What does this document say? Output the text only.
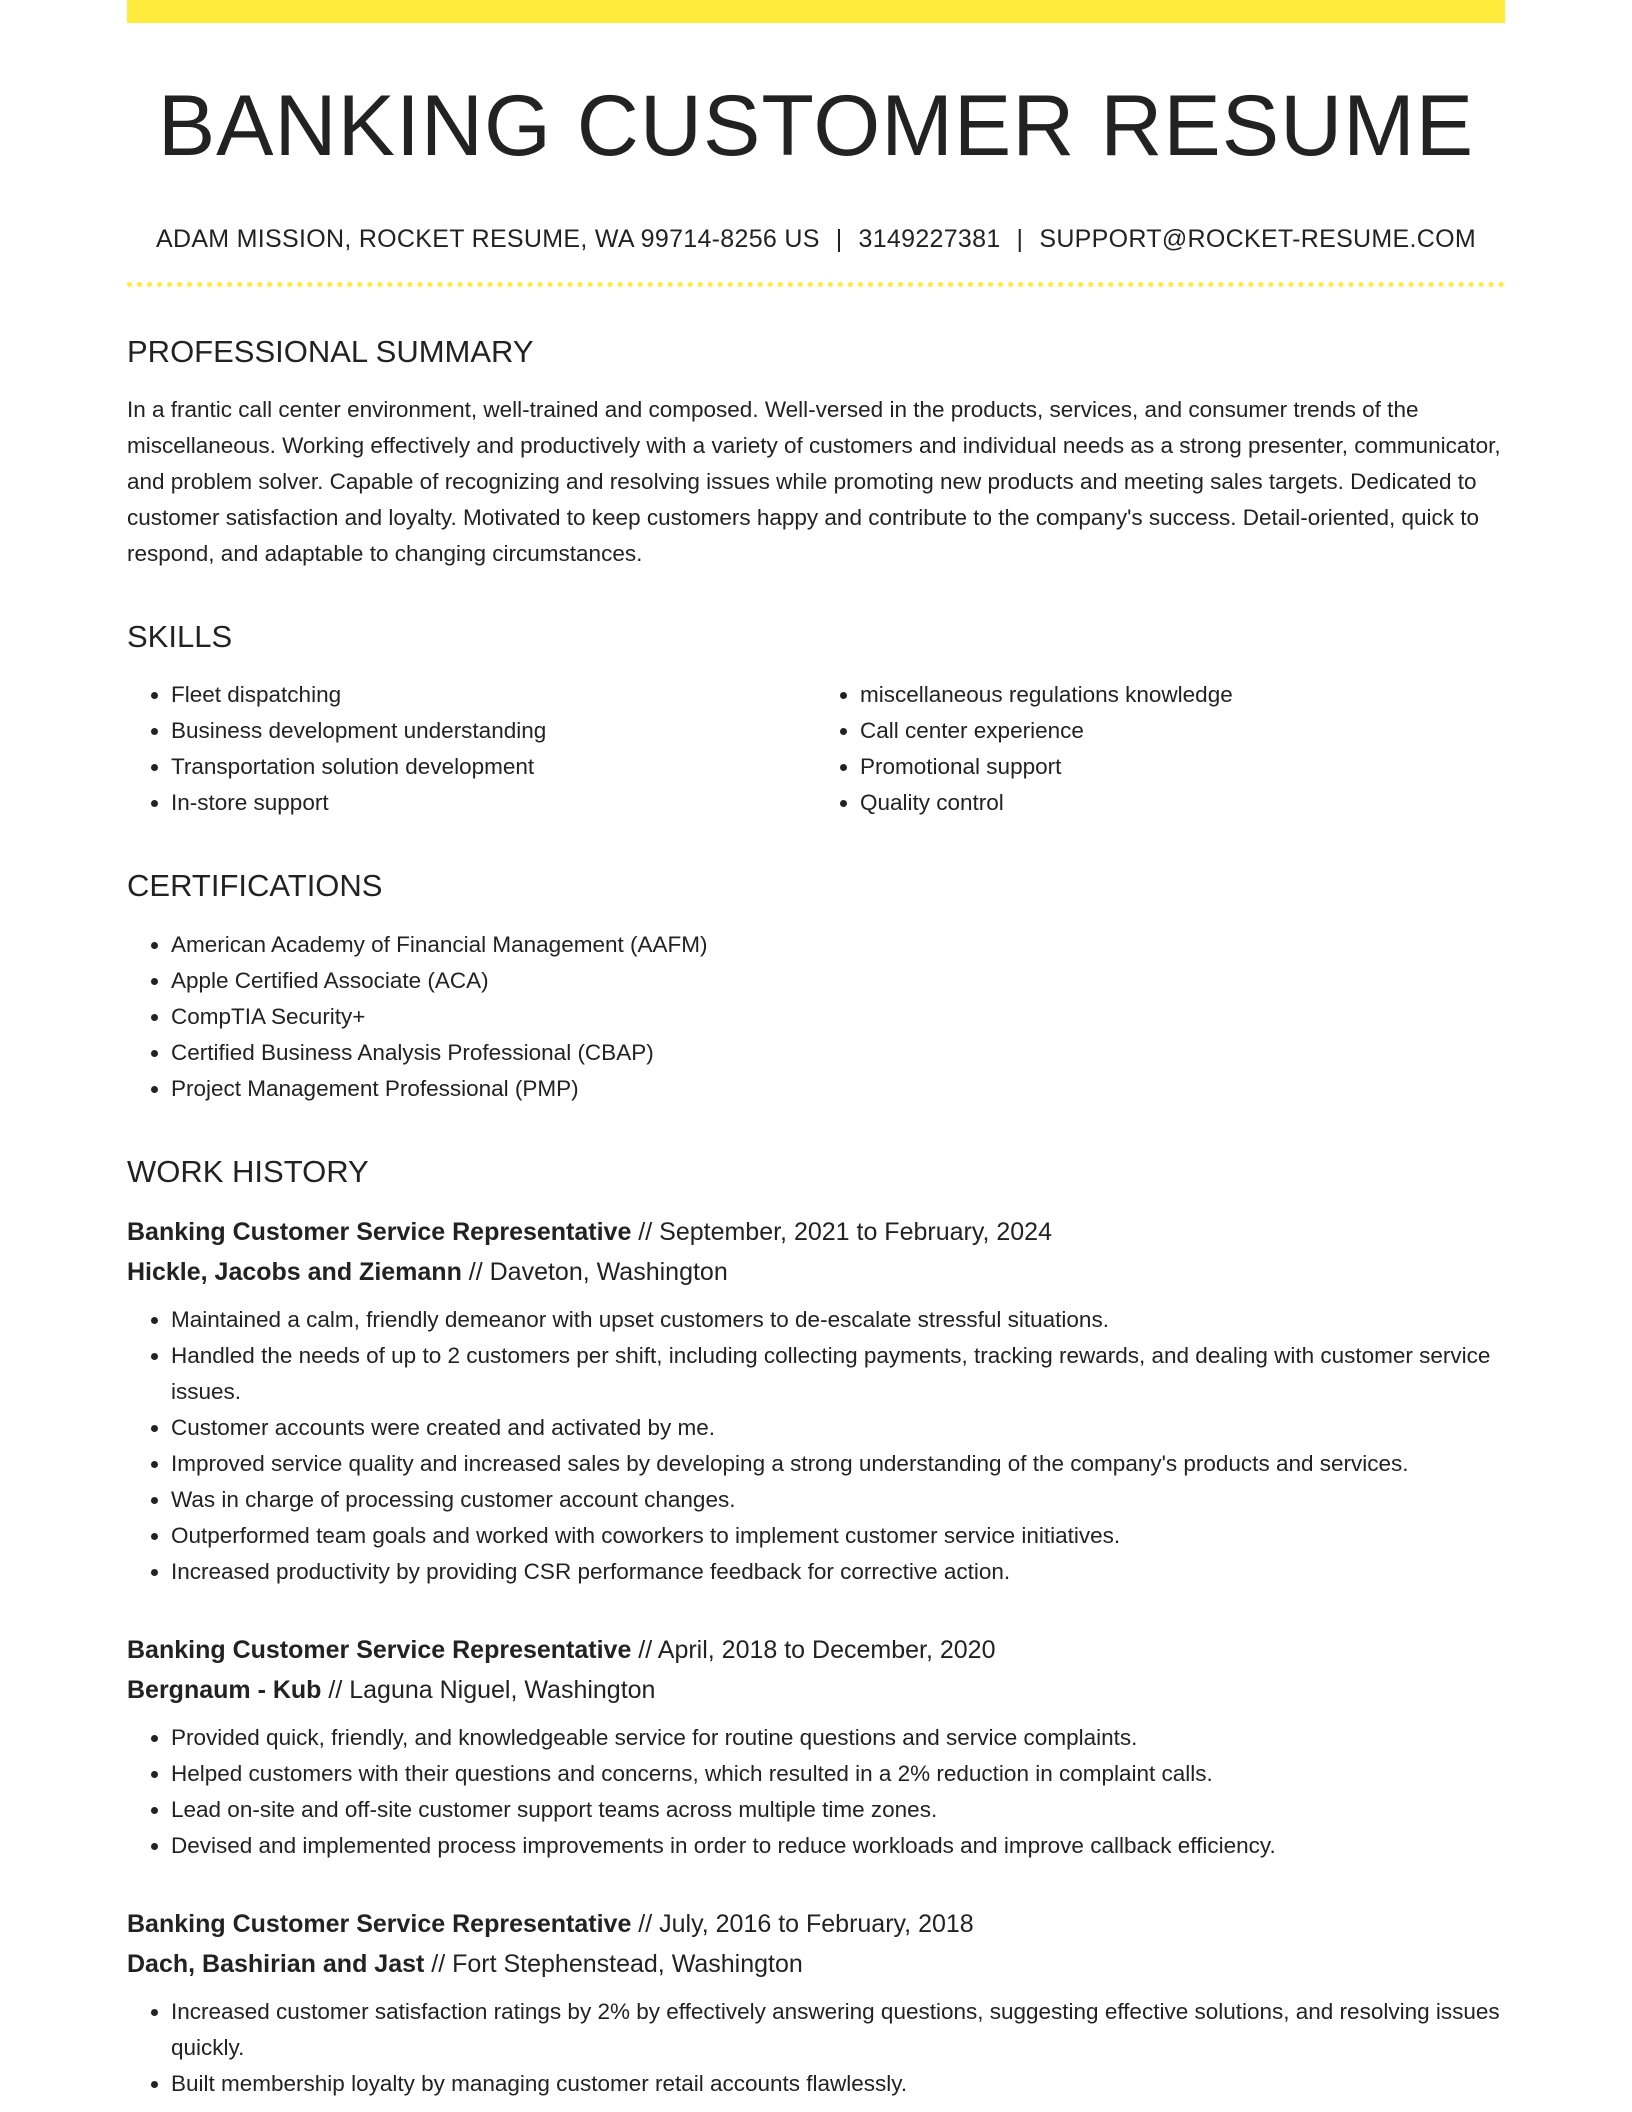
BANKING CUSTOMER RESUME
ADAM MISSION, ROCKET RESUME, WA 99714-8256 US | 3149227381 | SUPPORT@ROCKET-RESUME.COM
PROFESSIONAL SUMMARY

In a frantic call center environment, well-trained and composed. Well-versed in the products, services, and consumer trends of the miscellaneous. Working effectively and productively with a variety of customers and individual needs as a strong presenter, communicator, and problem solver. Capable of recognizing and resolving issues while promoting new products and meeting sales targets. Dedicated to customer satisfaction and loyalty. Motivated to keep customers happy and contribute to the company's success. Detail-oriented, quick to respond, and adaptable to changing circumstances.

SKILLS
• Fleet dispatching
• Business development understanding
• Transportation solution development
• In-store support
• miscellaneous regulations knowledge
• Call center experience
• Promotional support
• Quality control
CERTIFICATIONS
• American Academy of Financial Management (AAFM)
• Apple Certified Associate (ACA)
• CompTIA Security+
• Certified Business Analysis Professional (CBAP)
• Project Management Professional (PMP)
WORK HISTORY
Banking Customer Service Representative // September, 2021 to February, 2024
Hickle, Jacobs and Ziemann // Daveton, Washington
• Maintained a calm, friendly demeanor with upset customers to de-escalate stressful situations.
• Handled the needs of up to 2 customers per shift, including collecting payments, tracking rewards, and dealing with customer service issues.
• Customer accounts were created and activated by me.
• Improved service quality and increased sales by developing a strong understanding of the company's products and services.
• Was in charge of processing customer account changes.
• Outperformed team goals and worked with coworkers to implement customer service initiatives.
• Increased productivity by providing CSR performance feedback for corrective action.
Banking Customer Service Representative // April, 2018 to December, 2020
Bergnaum - Kub // Laguna Niguel, Washington
• Provided quick, friendly, and knowledgeable service for routine questions and service complaints.
• Helped customers with their questions and concerns, which resulted in a 2% reduction in complaint calls.
• Lead on-site and off-site customer support teams across multiple time zones.
• Devised and implemented process improvements in order to reduce workloads and improve callback efficiency.
Banking Customer Service Representative // July, 2016 to February, 2018
Dach, Bashirian and Jast // Fort Stephenstead, Washington
• Increased customer satisfaction ratings by 2% by effectively answering questions, suggesting effective solutions, and resolving issues quickly.
• Built membership loyalty by managing customer retail accounts flawlessly.
